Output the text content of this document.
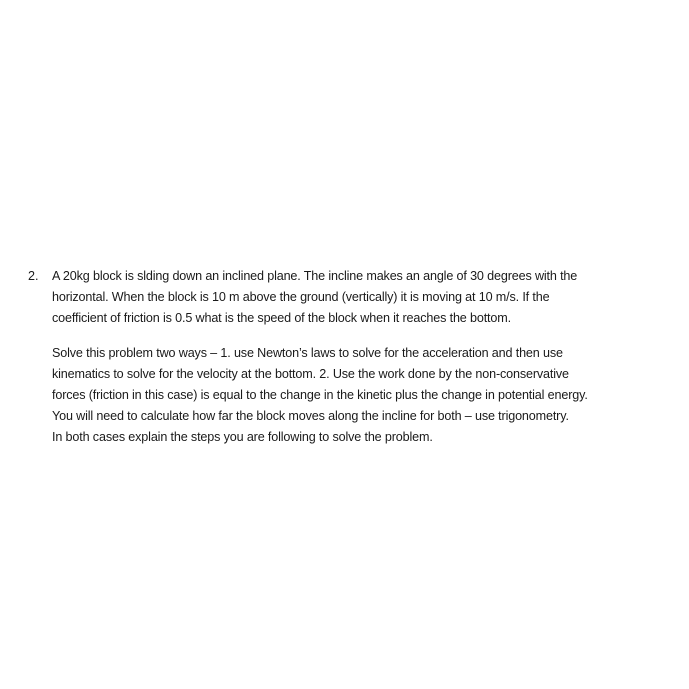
2. A 20kg block is slding down an inclined plane. The incline makes an angle of 30 degrees with the
horizontal. When the block is 10 m above the ground (vertically) it is moving at 10 m/s. If the
coefficient of friction is 0.5 what is the speed of the block when it reaches the bottom.
Solve this problem two ways – 1. use Newton’s laws to solve for the acceleration and then use
kinematics to solve for the velocity at the bottom. 2. Use the work done by the non-conservative
forces (friction in this case) is equal to the change in the kinetic plus the change in potential energy.
You will need to calculate how far the block moves along the incline for both – use trigonometry.
In both cases explain the steps you are following to solve the problem.
